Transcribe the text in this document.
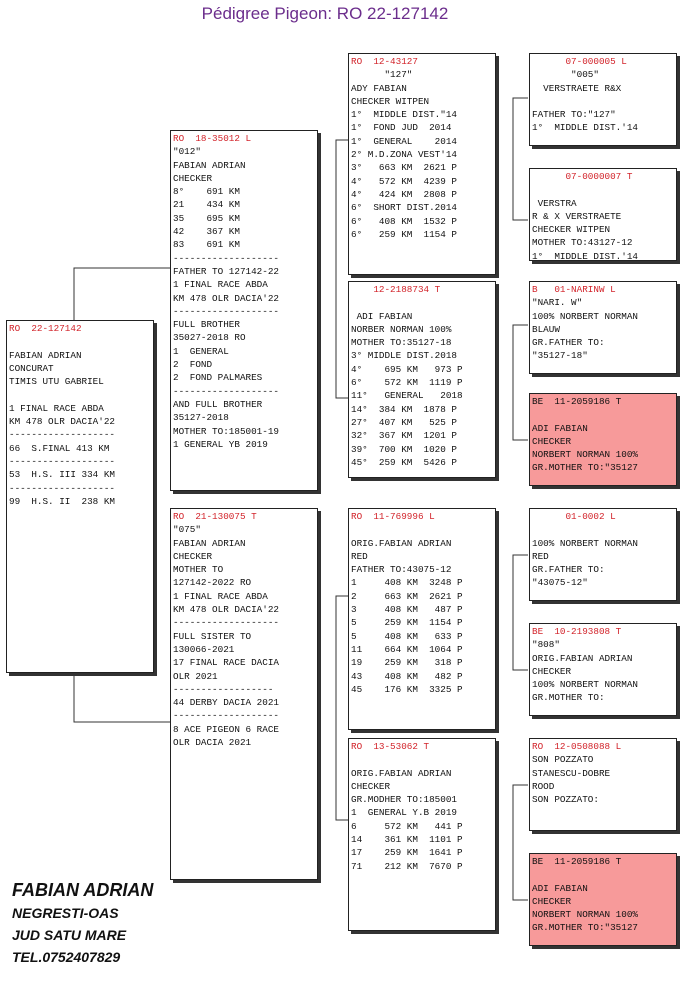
Pédigree Pigeon: RO 22-127142
RO  22-127142
FABIAN ADRIAN
CONCURAT
TIMIS UTU GABRIEL
1 FINAL RACE ABDA
KM 478 OLR DACIA'22
-------------------
66  S.FINAL 413 KM
-------------------
53  H.S. III 334 KM
-------------------
99  H.S. II  238 KM
RO  18-35012 L
"012"
FABIAN ADRIAN
CHECKER
8°    691 KM
21    434 KM
35    695 KM
42    367 KM
83    691 KM
-------------------
FATHER TO 127142-22
1 FINAL RACE ABDA
KM 478 OLR DACIA'22
-------------------
FULL BROTHER
35027-2018 RO
1  GENERAL
2  FOND
2  FOND PALMARES
-------------------
AND FULL BROTHER
35127-2018
MOTHER TO:185001-19
1 GENERAL YB 2019
RO  21-130075 T
"075"
FABIAN ADRIAN
CHECKER
MOTHER TO
127142-2022 RO
1 FINAL RACE ABDA
KM 478 OLR DACIA'22
-------------------
FULL SISTER TO
130066-2021
17 FINAL RACE DACIA
OLR 2021
------------------
44 DERBY DACIA 2021
-------------------
8 ACE PIGEON 6 RACE
OLR DACIA 2021
RO  12-43127
"127"
ADY FABIAN
CHECKER WITPEN
1°  MIDDLE DIST."14
1°  FOND JUD  2014
1°  GENERAL    2014
2° M.D.ZONA VEST'14
3°   663 KM  2621 P
4°   572 KM  4239 P
4°   424 KM  2808 P
6°  SHORT DIST.2014
6°   408 KM  1532 P
6°   259 KM  1154 P
12-2188734 T
ADI FABIAN
NORBER NORMAN 100%
MOTHER TO:35127-18
3° MIDDLE DIST.2018
4°    695 KM   973 P
6°    572 KM  1119 P
11°   GENERAL   2018
14°  384 KM  1878 P
27°  407 KM   525 P
32°  367 KM  1201 P
39°  700 KM  1020 P
45°  259 KM  5426 P
RO  11-769996 L
ORIG.FABIAN ADRIAN
RED
FATHER TO:43075-12
1     408 KM  3248 P
2     663 KM  2621 P
3     408 KM   487 P
5     259 KM  1154 P
5     408 KM   633 P
11    664 KM  1064 P
19    259 KM   318 P
43    408 KM   482 P
45    176 KM  3325 P
RO  13-53062 T
ORIG.FABIAN ADRIAN
CHECKER
GR.MODHER TO:185001
1  GENERAL Y.B 2019
6     572 KM   441 P
14    361 KM  1101 P
17    259 KM  1641 P
71    212 KM  7670 P
07-000005 L
"005"
VERSTRAETE R&X
FATHER TO:"127"
1°  MIDDLE DIST.'14
07-0000007 T
VERSTRA
R & X VERSTRAETE
CHECKER WITPEN
MOTHER TO:43127-12
1°  MIDDLE DIST.'14
B   01-NARINW L
"NARI. W"
100% NORBERT NORMAN
BLAUW
GR.FATHER TO:
"35127-18"
BE  11-2059186 T
ADI FABIAN
CHECKER
NORBERT NORMAN 100%
GR.MOTHER TO:"35127
01-0002 L
100% NORBERT NORMAN
RED
GR.FATHER TO:
"43075-12"
BE  10-2193808 T
"808"
ORIG.FABIAN ADRIAN
CHECKER
100% NORBERT NORMAN
GR.MOTHER TO:
RO  12-0508088 L
SON POZZATO
STANESCU-DOBRE
ROOD
SON POZZATO:
BE  11-2059186 T
ADI FABIAN
CHECKER
NORBERT NORMAN 100%
GR.MOTHER TO:"35127
FABIAN ADRIAN
NEGRESTI-OAS
JUD SATU MARE
TEL.0752407829
